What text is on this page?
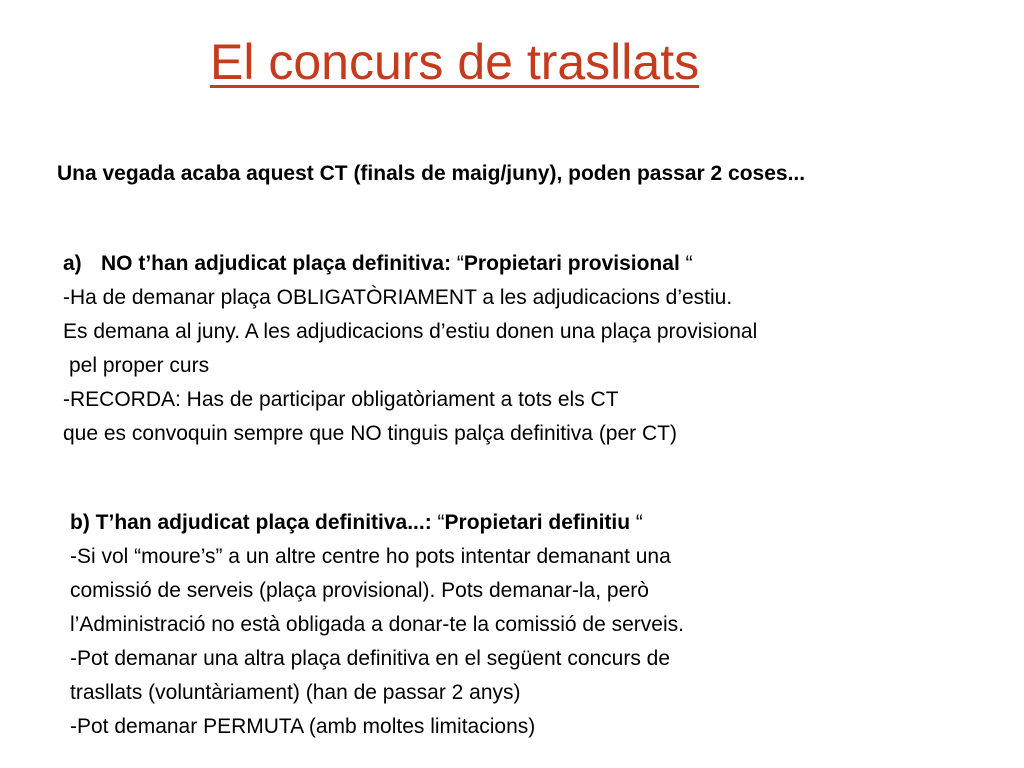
El concurs de trasllats
Una vegada acaba aquest CT (finals de maig/juny), poden passar 2 coses...
a) NO t’han adjudicat plaça definitiva: “Propietari provisional “
-Ha de demanar plaça OBLIGATÒRIAMENT a les adjudicacions d’estiu.
Es demana al juny. A les adjudicacions d’estiu donen una plaça provisional
pel proper curs
-RECORDA: Has de participar obligatòriament a tots els CT
que es convoquin sempre que NO tinguis palça definitiva (per CT)
b) T’han adjudicat plaça definitiva...: “Propietari definitiu “
-Si vol “moure’s” a un altre centre ho pots intentar demanant una
comissió de serveis (plaça provisional). Pots demanar-la, però
l’Administració no està obligada a donar-te la comissió de serveis.
-Pot demanar una altra plaça definitiva en el següent concurs de
trasllats (voluntàriament) (han de passar 2 anys)
-Pot demanar PERMUTA (amb moltes limitacions)
